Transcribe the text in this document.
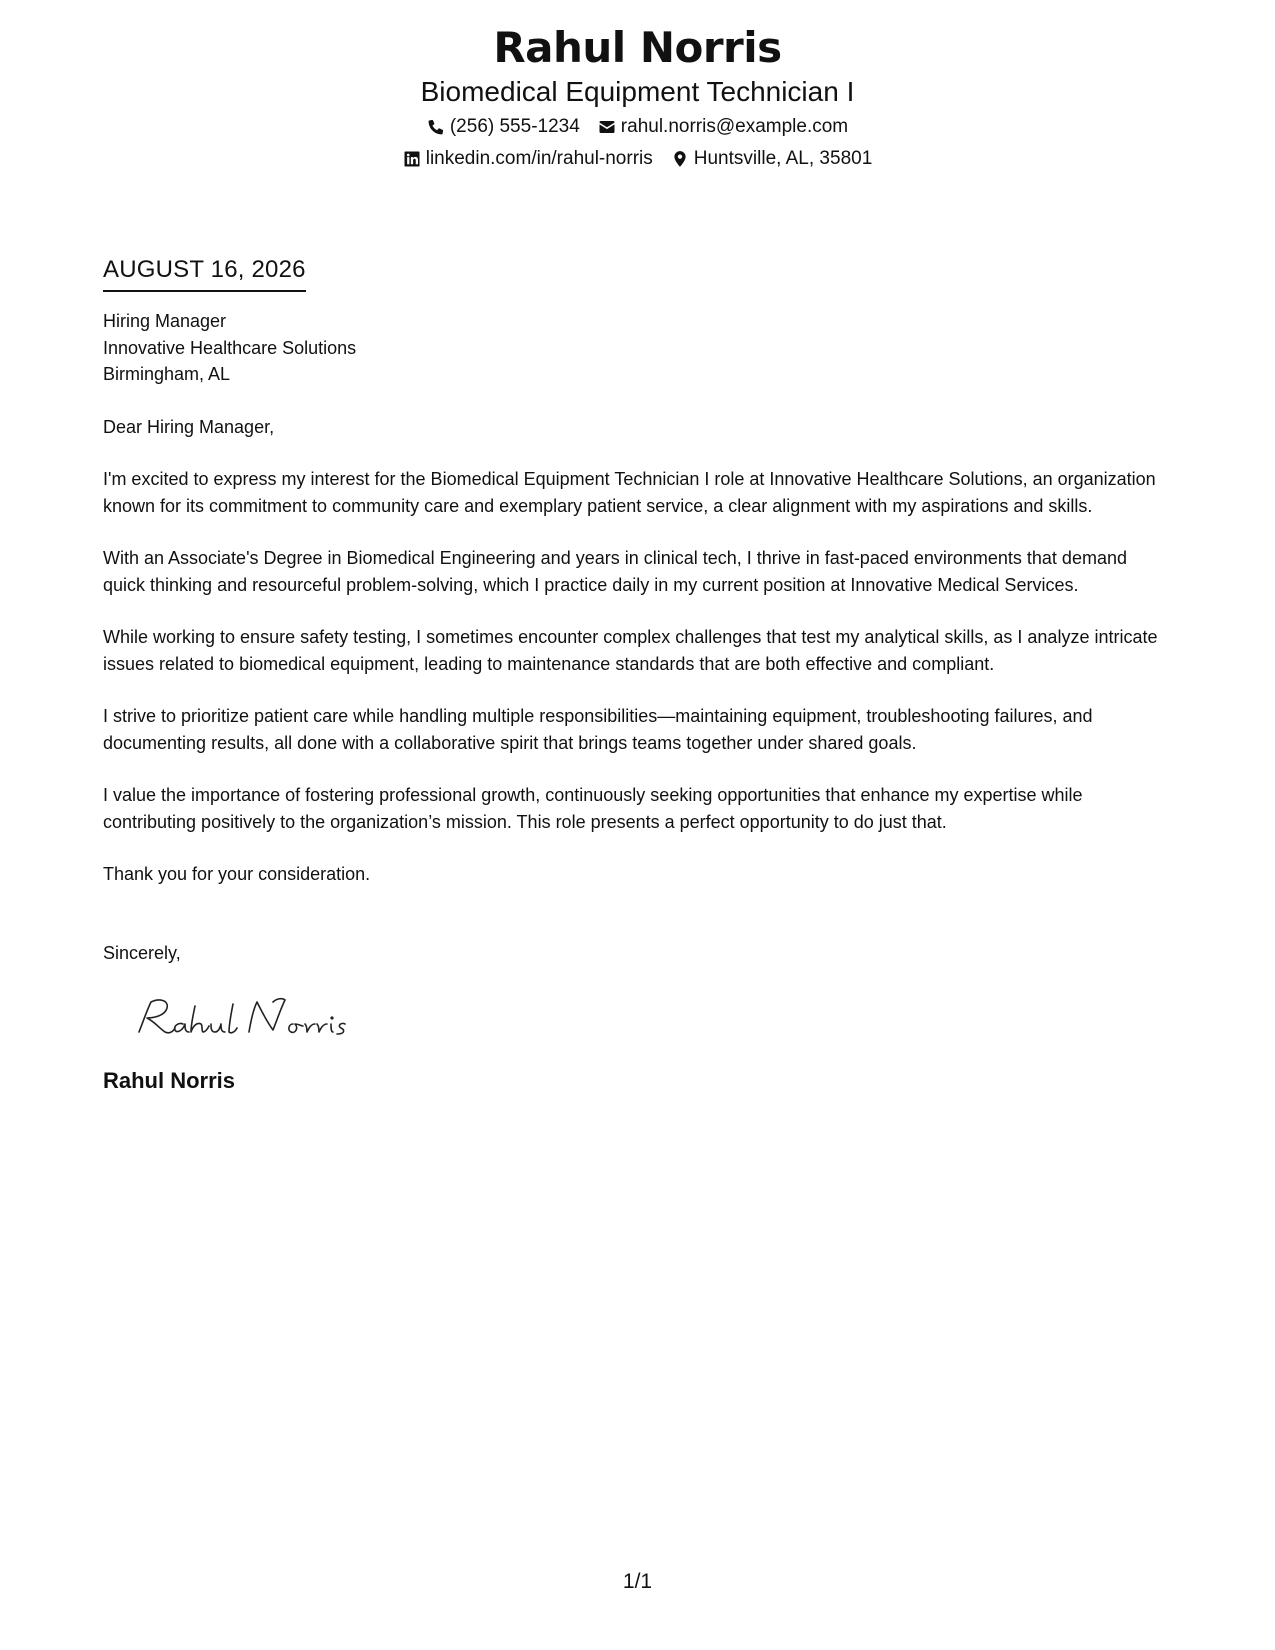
Rahul Norris
Biomedical Equipment Technician I
(256) 555-1234 rahul.norris@example.com
linkedin.com/in/rahul-norris Huntsville, AL, 35801
AUGUST 16, 2026
Hiring Manager
Innovative Healthcare Solutions
Birmingham, AL

Dear Hiring Manager,

I'm excited to express my interest for the Biomedical Equipment Technician I role at Innovative Healthcare Solutions, an organization known for its commitment to community care and exemplary patient service, a clear alignment with my aspirations and skills.

With an Associate's Degree in Biomedical Engineering and years in clinical tech, I thrive in fast-paced environments that demand quick thinking and resourceful problem-solving, which I practice daily in my current position at Innovative Medical Services.

While working to ensure safety testing, I sometimes encounter complex challenges that test my analytical skills, as I analyze intricate issues related to biomedical equipment, leading to maintenance standards that are both effective and compliant.

I strive to prioritize patient care while handling multiple responsibilities—maintaining equipment, troubleshooting failures, and documenting results, all done with a collaborative spirit that brings teams together under shared goals.

I value the importance of fostering professional growth, continuously seeking opportunities that enhance my expertise while contributing positively to the organization’s mission. This role presents a perfect opportunity to do just that.

Thank you for your consideration.

Sincerely,

Rahul Norris
1/1
